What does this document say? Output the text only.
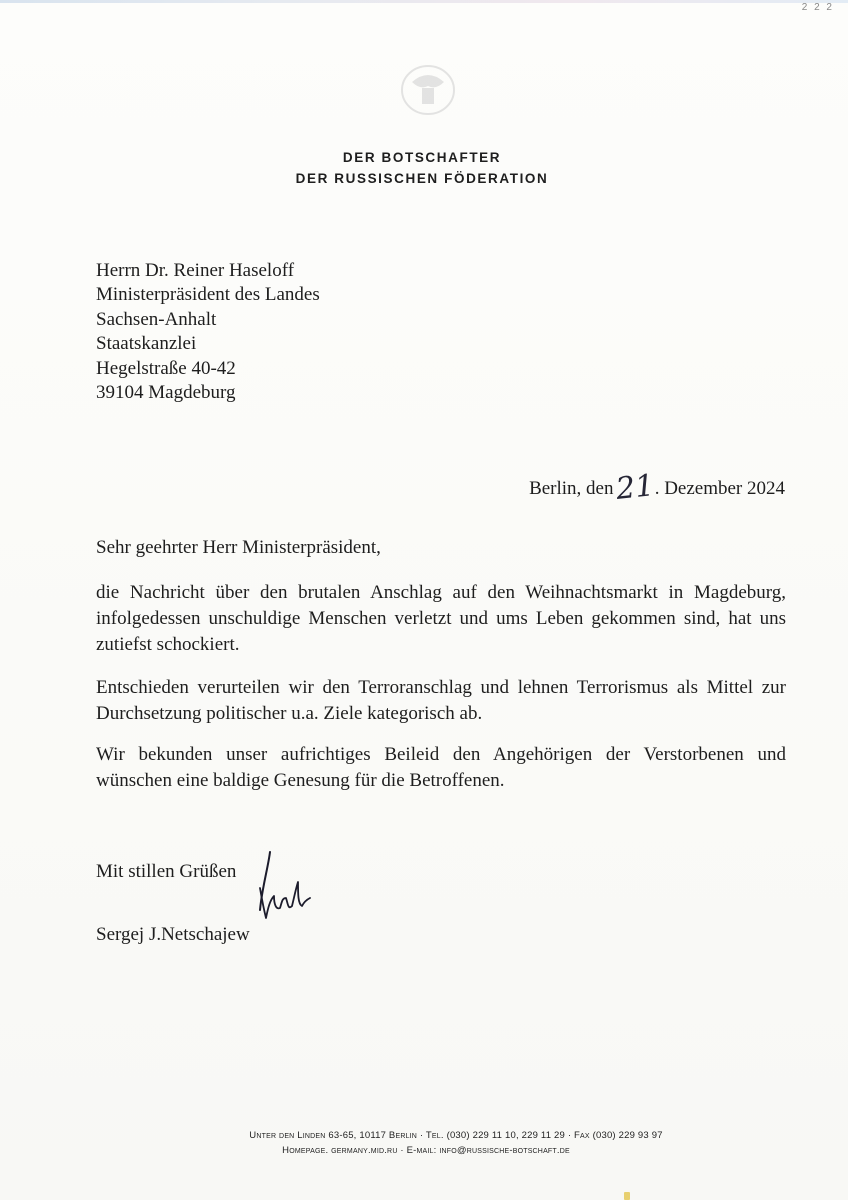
2 2 2
DER BOTSCHAFTER
DER RUSSISCHEN FÖDERATION
Herrn Dr. Reiner Haseloff
Ministerpräsident des Landes
Sachsen-Anhalt
Staatskanzlei
Hegelstraße 40-42
39104 Magdeburg
Berlin, den21. Dezember 2024
Sehr geehrter Herr Ministerpräsident,
die Nachricht über den brutalen Anschlag auf den Weihnachtsmarkt in Magdeburg, infolgedessen unschuldige Menschen verletzt und ums Leben gekommen sind, hat uns zutiefst schockiert.
Entschieden verurteilen wir den Terroranschlag und lehnen Terrorismus als Mittel zur Durchsetzung politischer u.a. Ziele kategorisch ab.
Wir bekunden unser aufrichtiges Beileid den Angehörigen der Verstorbenen und wünschen eine baldige Genesung für die Betroffenen.
Mit stillen Grüßen
Sergej J.Netschajew
Unter den Linden 63-65, 10117 Berlin · Tel. (030) 229 11 10, 229 11 29 · Fax (030) 229 93 97
Homepage. germany.mid.ru · E-mail: info@russische-botschaft.de
